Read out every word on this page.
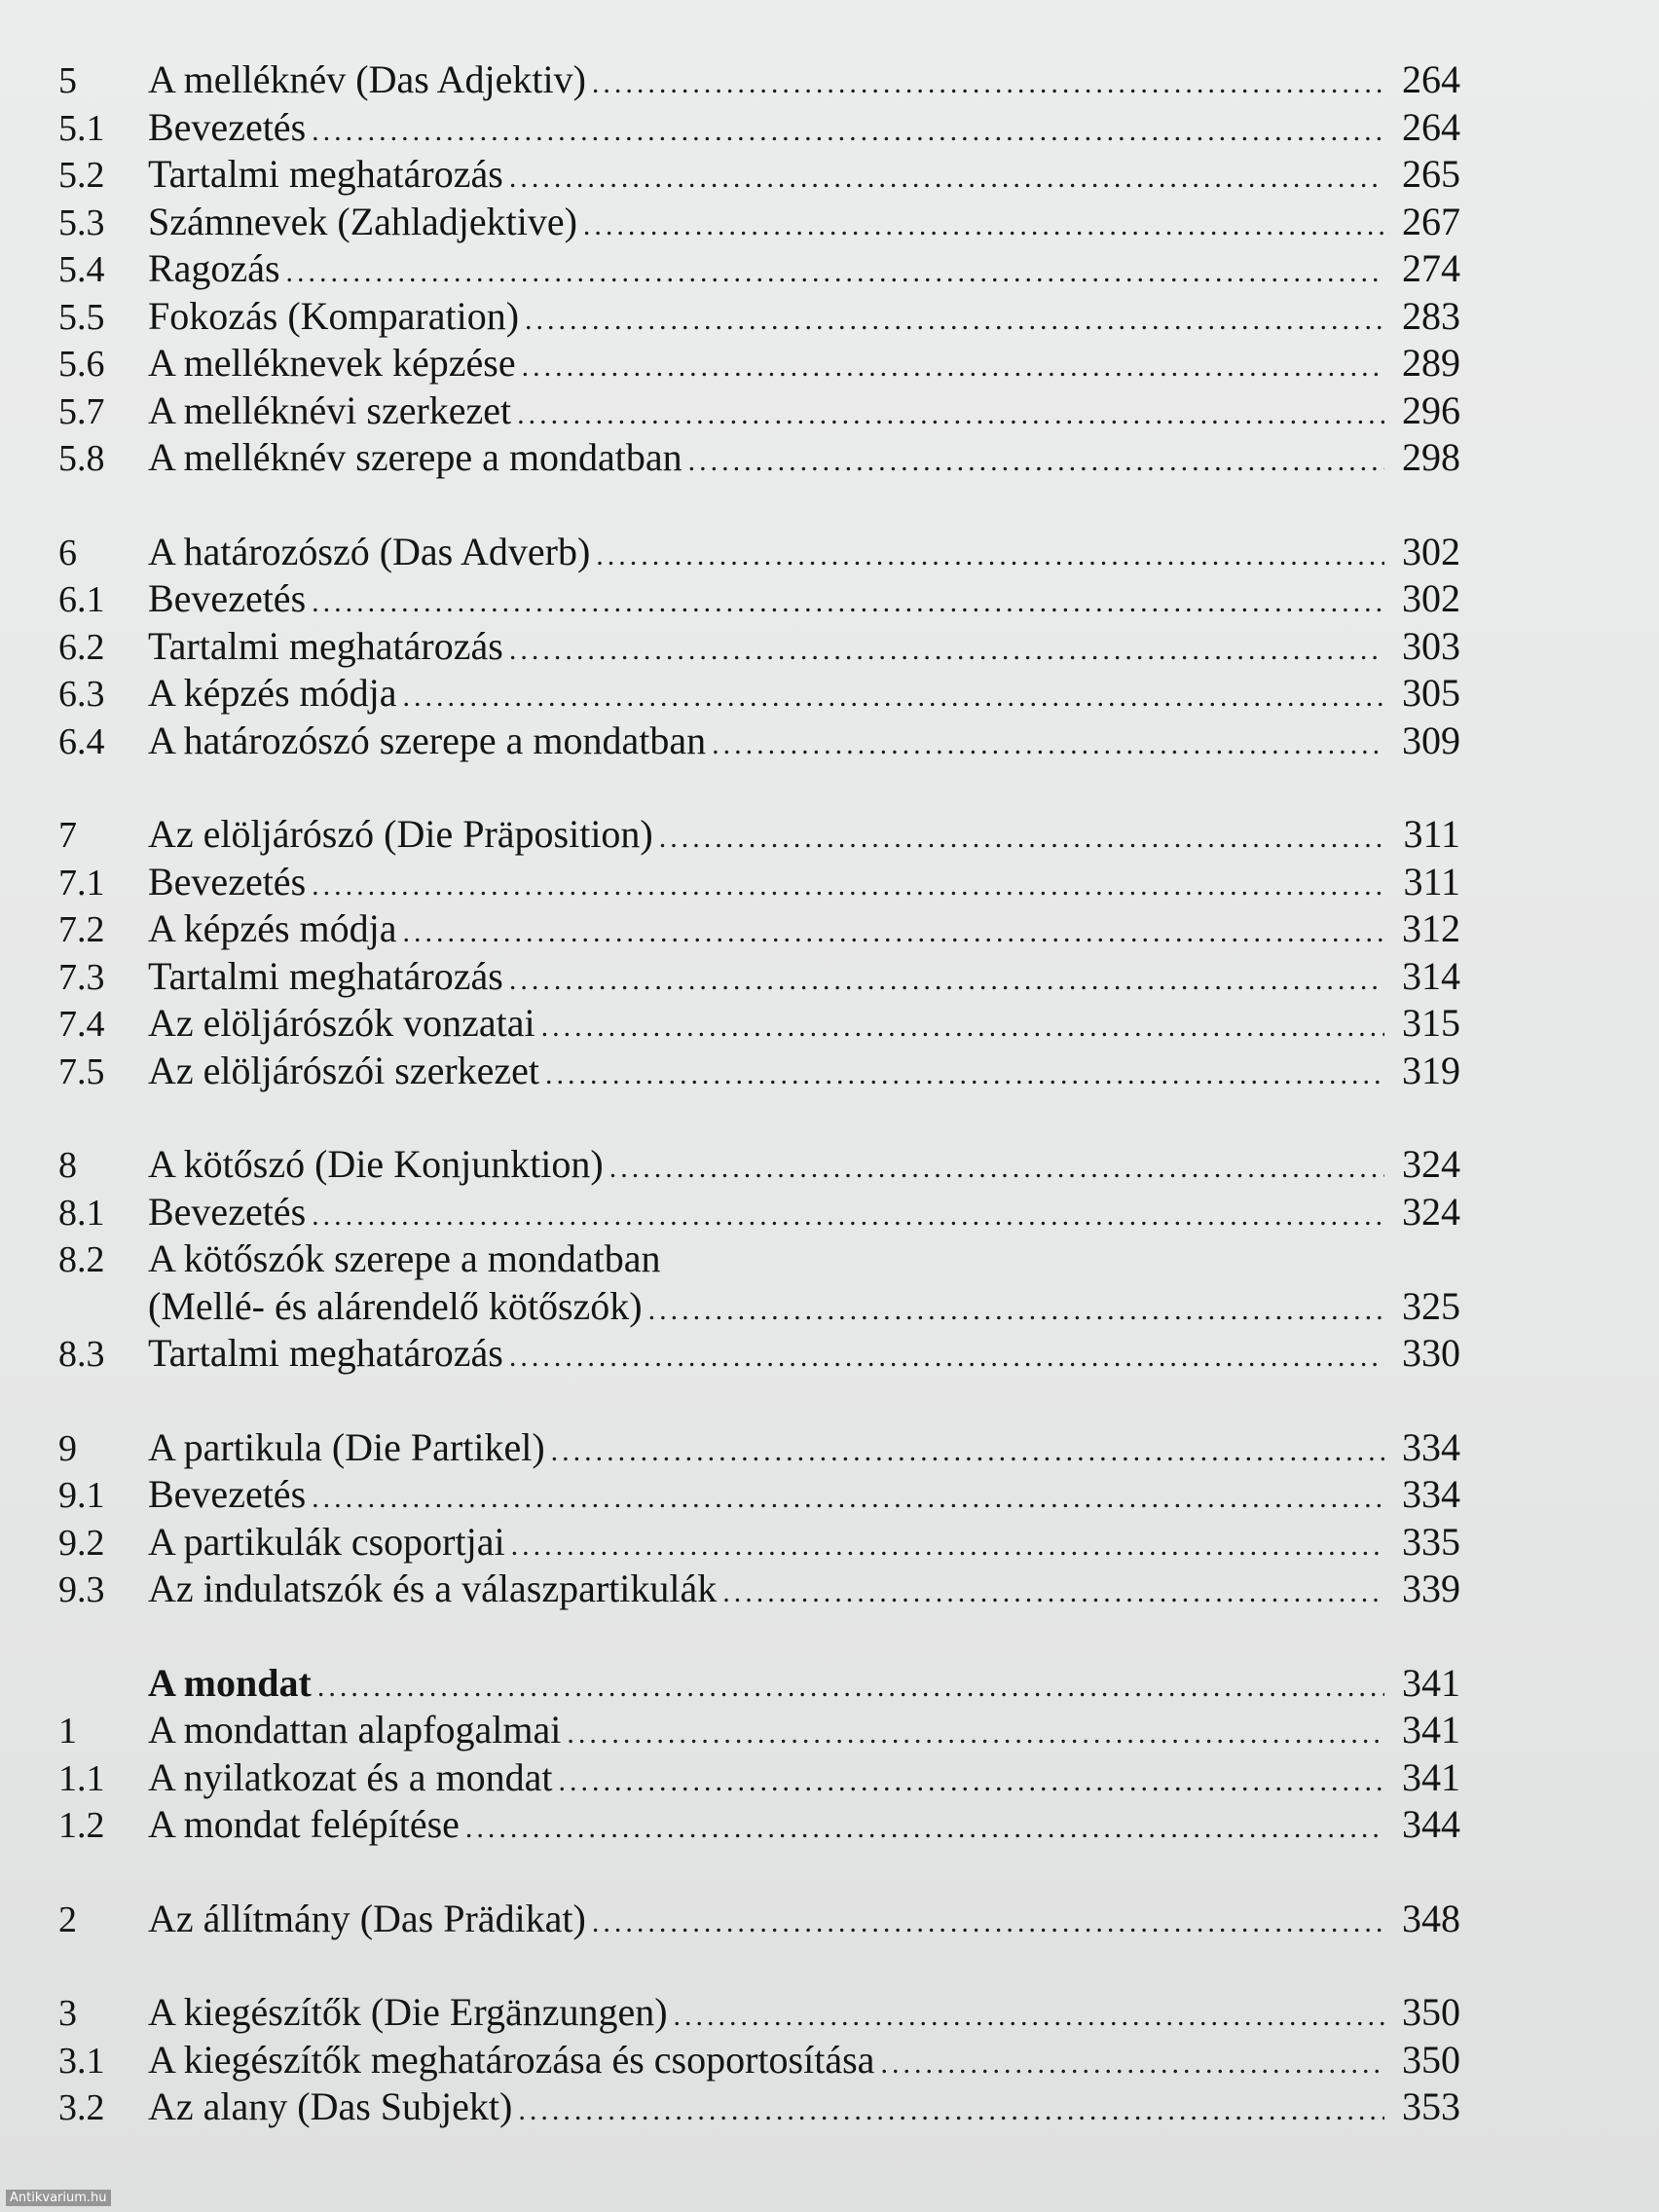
5	A melléknév (Das Adjektiv) .....	264
5.1	Bevezetés .....	264
5.2	Tartalmi meghatározás .....	265
5.3	Számnevek (Zahladjektive) .....	267
5.4	Ragozás .....	274
5.5	Fokozás (Komparation) .....	283
5.6	A melléknevek képzése .....	289
5.7	A melléknévi szerkezet .....	296
5.8	A melléknév szerepe a mondatban .....	298
6	A határozószó (Das Adverb) .....	302
6.1	Bevezetés .....	302
6.2	Tartalmi meghatározás .....	303
6.3	A képzés módja .....	305
6.4	A határozószó szerepe a mondatban .....	309
7	Az elöljárószó (Die Präposition) .....	311
7.1	Bevezetés .....	311
7.2	A képzés módja .....	312
7.3	Tartalmi meghatározás .....	314
7.4	Az elöljárószók vonzatai .....	315
7.5	Az elöljárószói szerkezet .....	319
8	A kötőszó (Die Konjunktion) .....	324
8.1	Bevezetés .....	324
8.2	A kötőszók szerepe a mondatban
(Mellé- és alárendelő kötőszók) .....	325
8.3	Tartalmi meghatározás .....	330
9	A partikula (Die Partikel) .....	334
9.1	Bevezetés .....	334
9.2	A partikulák csoportjai .....	335
9.3	Az indulatszók és a válaszpartikulák .....	339
A mondat .....	341
1	A mondattan alapfogalmai .....	341
1.1	A nyilatkozat és a mondat .....	341
1.2	A mondat felépítése .....	344
2	Az állítmány (Das Prädikat) .....	348
3	A kiegészítők (Die Ergänzungen) .....	350
3.1	A kiegészítők meghatározása és csoportosítása .....	350
3.2	Az alany (Das Subjekt) .....	353
Antikvarium.hu
